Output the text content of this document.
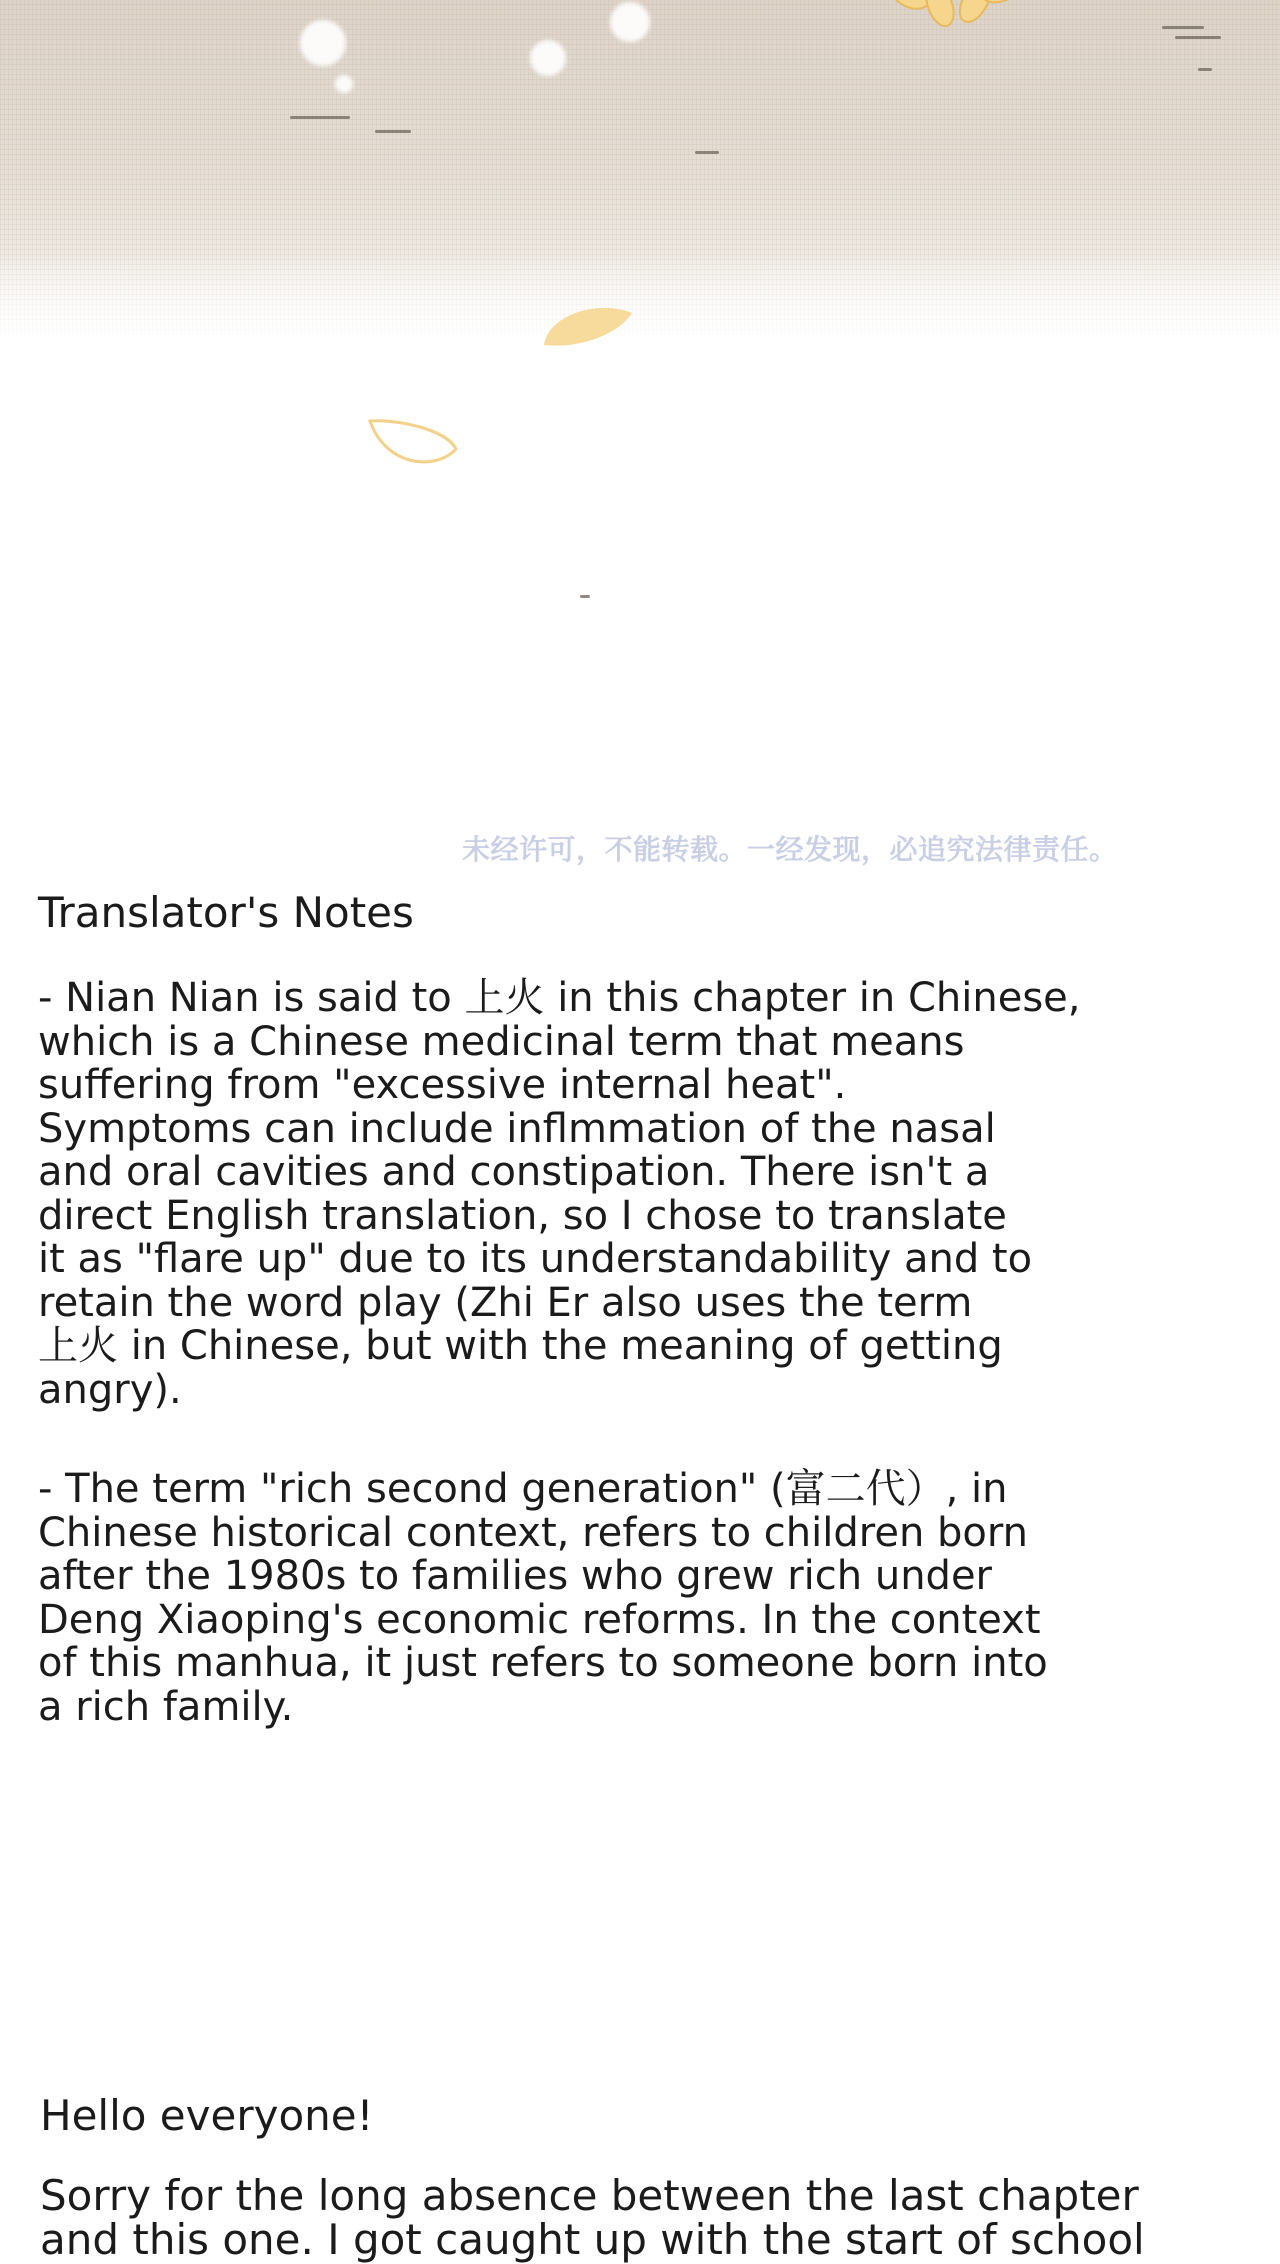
未经许可，不能转载。一经发现，必追究法律责任。
Translator's Notes
- Nian Nian is said to 上火 in this chapter in Chinese,
which is a Chinese medicinal term that means
suffering from "excessive internal heat".
Symptoms can include inflmmation of the nasal
and oral cavities and constipation. There isn't a
direct English translation, so I chose to translate
it as "flare up" due to its understandability and to
retain the word play (Zhi Er also uses the term
上火 in Chinese, but with the meaning of getting
angry).
- The term "rich second generation" (富二代）, in
Chinese historical context, refers to children born
after the 1980s to families who grew rich under
Deng Xiaoping's economic reforms. In the context
of this manhua, it just refers to someone born into
a rich family.
Hello everyone!
Sorry for the long absence between the last chapter
and this one. I got caught up with the start of school
